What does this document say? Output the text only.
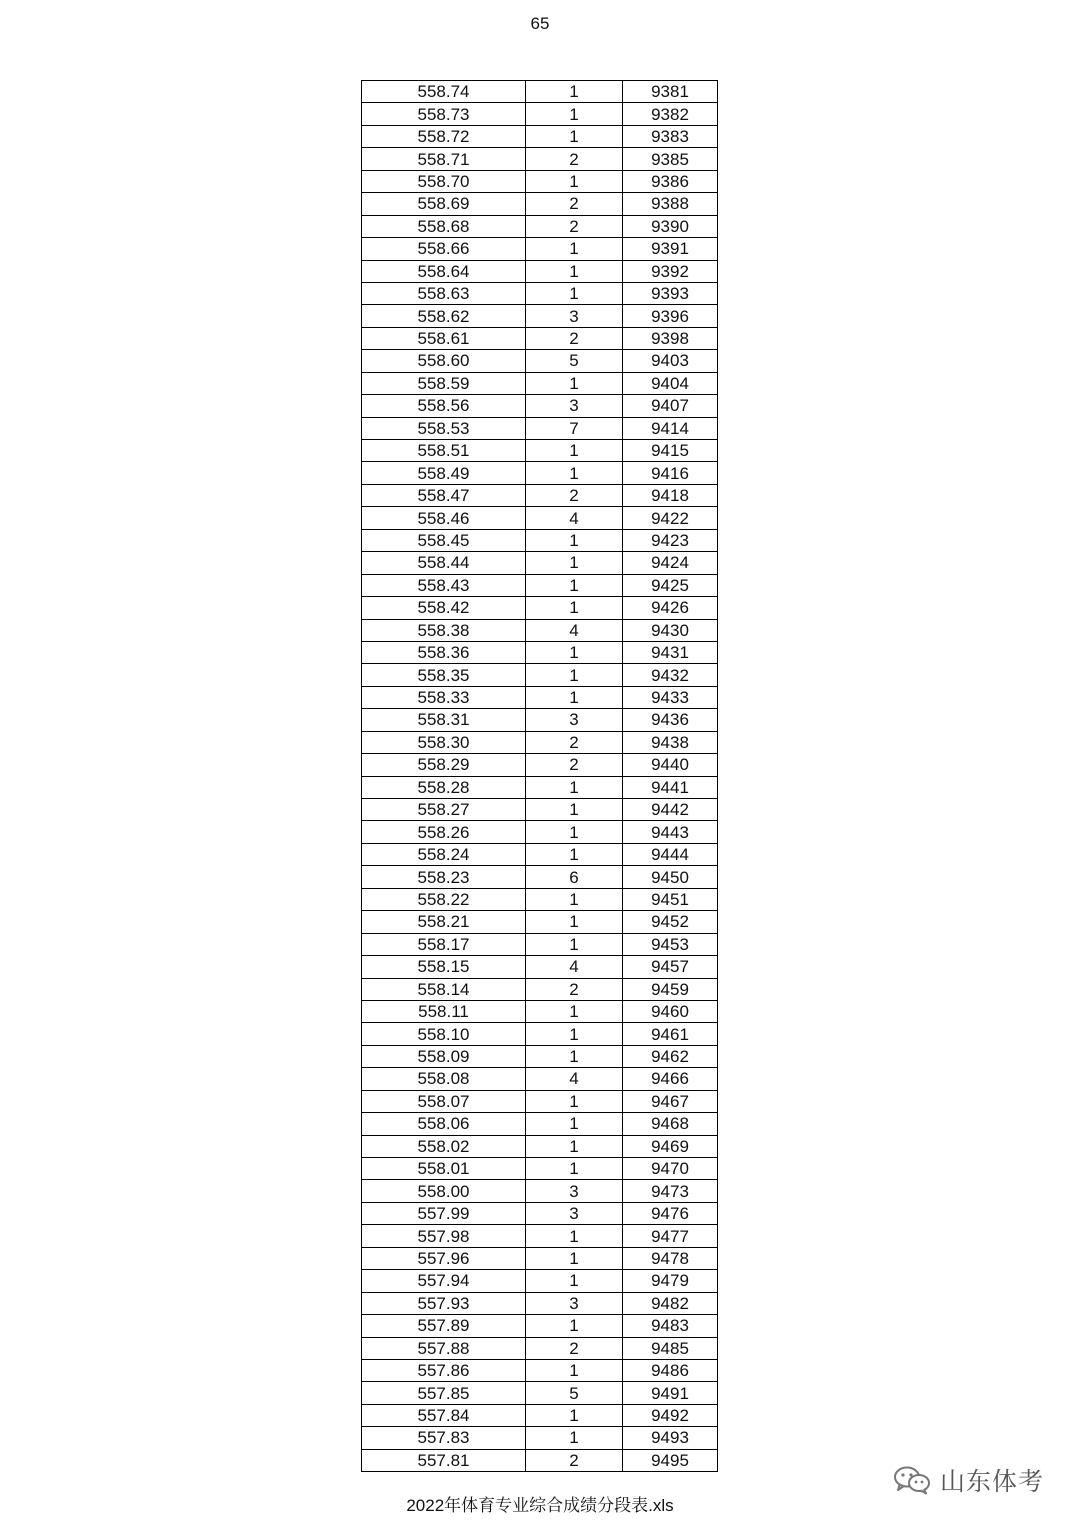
65
558.74	1	9381
558.73	1	9382
558.72	1	9383
558.71	2	9385
558.70	1	9386
558.69	2	9388
558.68	2	9390
558.66	1	9391
558.64	1	9392
558.63	1	9393
558.62	3	9396
558.61	2	9398
558.60	5	9403
558.59	1	9404
558.56	3	9407
558.53	7	9414
558.51	1	9415
558.49	1	9416
558.47	2	9418
558.46	4	9422
558.45	1	9423
558.44	1	9424
558.43	1	9425
558.42	1	9426
558.38	4	9430
558.36	1	9431
558.35	1	9432
558.33	1	9433
558.31	3	9436
558.30	2	9438
558.29	2	9440
558.28	1	9441
558.27	1	9442
558.26	1	9443
558.24	1	9444
558.23	6	9450
558.22	1	9451
558.21	1	9452
558.17	1	9453
558.15	4	9457
558.14	2	9459
558.11	1	9460
558.10	1	9461
558.09	1	9462
558.08	4	9466
558.07	1	9467
558.06	1	9468
558.02	1	9469
558.01	1	9470
558.00	3	9473
557.99	3	9476
557.98	1	9477
557.96	1	9478
557.94	1	9479
557.93	3	9482
557.89	1	9483
557.88	2	9485
557.86	1	9486
557.85	5	9491
557.84	1	9492
557.83	1	9493
557.81	2	9495
2022年体育专业综合成绩分段表.xls
山东体考
